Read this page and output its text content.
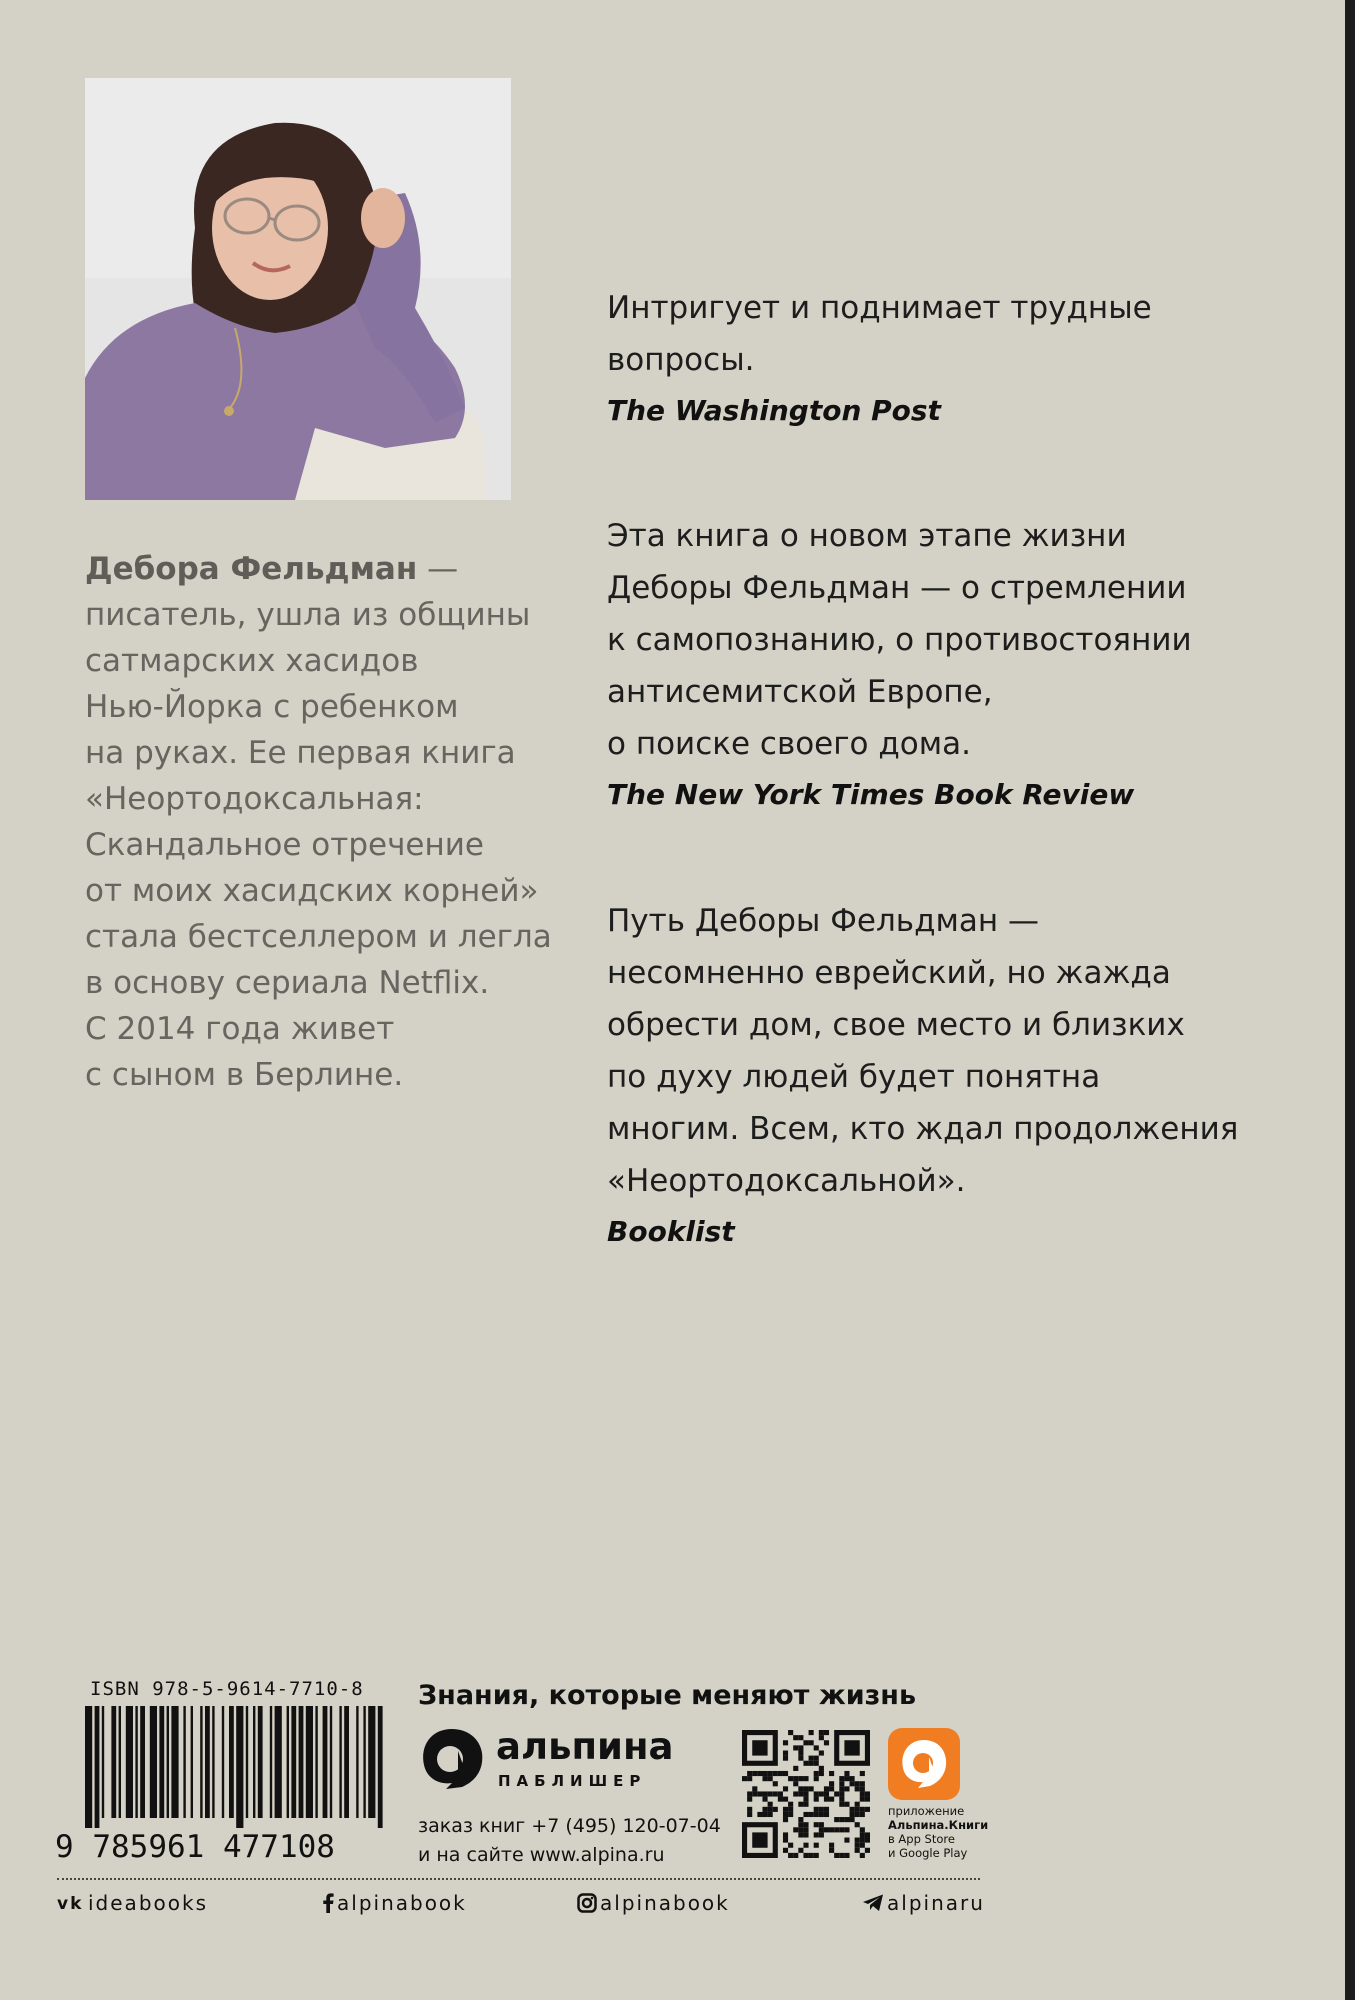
Дебора Фельдман —

писатель, ушла из общины

сатмарских хасидов

Нью-Йорка с ребенком

на руках. Ее первая книга

«Неортодоксальная:

Скандальное отречение

от моих хасидских корней»

стала бестселлером и легла

в основу сериала Netflix.

С 2014 года живет

с сыном в Берлине.

Интригует и поднимает трудные

вопросы.

The Washington Post

Эта книга о новом этапе жизни

Деборы Фельдман — о стремлении

к самопознанию, о противостоянии

антисемитской Европе,

о поиске своего дома.

The New York Times Book Review

Путь Деборы Фельдман —

несомненно еврейский, но жажда

обрести дом, свое место и близких

по духу людей будет понятна

многим. Всем, кто ждал продолжения

«Неортодоксальной».

Booklist

ISBN 978-5-9614-7710-8
9 785961 477108
Знания, которые меняют жизнь
альпина
ПАБЛИШЕР

заказ книг +7 (495) 120-07-04

и на сайте www.alpina.ru

приложение

Альпина.Книги

в App Store

и Google Play

vk ideabooks	alpinabook	alpinabook	alpinaru
